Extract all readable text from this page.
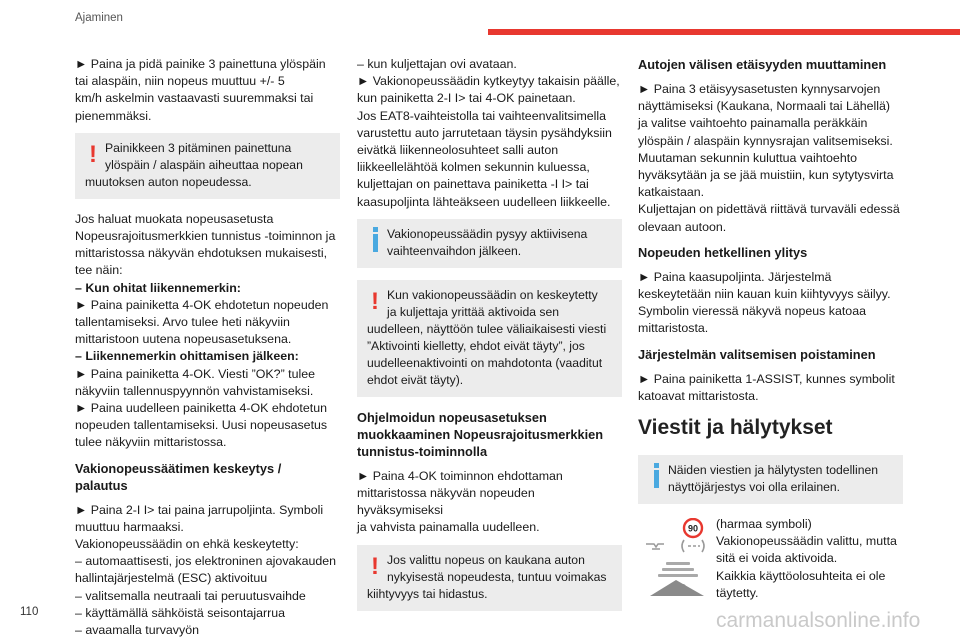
Ajaminen
► Paina ja pidä painike 3 painettuna ylöspäin
tai alaspäin, niin nopeus muuttuu +/- 5
km/h askelmin vastaavasti suuremmaksi tai
pienemmäksi.
! Painikkeen 3 pitäminen painettuna
ylöspäin / alaspäin aiheuttaa nopean
muutoksen auton nopeudessa.
Jos haluat muokata nopeusasetusta
Nopeusrajoitusmerkkien tunnistus -toiminnon ja
mittaristossa näkyvän ehdotuksen mukaisesti,
tee näin:
– Kun ohitat liikennemerkin:
► Paina painiketta 4-OK ehdotetun nopeuden
tallentamiseksi. Arvo tulee heti näkyviin
mittaristoon uutena nopeusasetuksena.
– Liikennemerkin ohittamisen jälkeen:
► Paina painiketta 4-OK. Viesti ”OK?” tulee
näkyviin tallennuspyynnön vahvistamiseksi.
► Paina uudelleen painiketta 4-OK ehdotetun
nopeuden tallentamiseksi. Uusi nopeusasetus
tulee näkyviin mittaristossa.
Vakionopeussäätimen keskeytys /
palautus
► Paina 2-I I> tai paina jarrupoljinta. Symboli
muuttuu harmaaksi.
Vakionopeussäädin on ehkä keskeytetty:
– automaattisesti, jos elektroninen ajovakauden
hallintajärjestelmä (ESC) aktivoituu
– valitsemalla neutraali tai peruutusvaihde
– käyttämällä sähköistä seisontajarrua
– avaamalla turvavyön
– kun kuljettajan ovi avataan.
► Vakionopeussäädin kytkeytyy takaisin päälle,
kun painiketta 2-I I> tai 4-OK painetaan.
Jos EAT8-vaihteistolla tai vaihteenvalitsimella
varustettu auto jarrutetaan täysin pysähdyksiin
eivätkä liikenneolosuhteet salli auton
liikkeellelähtöä kolmen sekunnin kuluessa,
kuljettajan on painettava painiketta -I I> tai
kaasupoljinta lähteäkseen uudelleen liikkeelle.
Vakionopeussäädin pysyy aktiivisena
vaihteenvaihdon jälkeen.
! Kun vakionopeussäädin on keskeytetty
ja kuljettaja yrittää aktivoida sen
uudelleen, näyttöön tulee väliaikaisesti viesti
”Aktivointi kielletty, ehdot eivät täyty”, jos
uudelleenaktivointi on mahdotonta (vaaditut
ehdot eivät täyty).
Ohjelmoidun nopeusasetuksen
muokkaaminen Nopeusrajoitusmerkkien
tunnistus-toiminnolla
► Paina 4-OK toiminnon ehdottaman
mittaristossa näkyvän nopeuden hyväksymiseksi
ja vahvista painamalla uudelleen.
! Jos valittu nopeus on kaukana auton
nykyisestä nopeudesta, tuntuu voimakas
kiihtyvyys tai hidastus.
Autojen välisen etäisyyden muuttaminen
► Paina 3 etäisyysasetusten kynnysarvojen
näyttämiseksi (Kaukana, Normaali tai Lähellä)
ja valitse vaihtoehto painamalla peräkkäin
ylöspäin / alaspäin kynnysrajan valitsemiseksi.
Muutaman sekunnin kuluttua vaihtoehto
hyväksytään ja se jää muistiin, kun sytytysvirta
katkaistaan.
Kuljettajan on pidettävä riittävä turvaväli edessä
olevaan autoon.
Nopeuden hetkellinen ylitys
► Paina kaasupoljinta. Järjestelmä
keskeytetään niin kauan kuin kiihtyvyys säilyy.
Symbolin vieressä näkyvä nopeus katoaa
mittaristosta.
Järjestelmän valitsemisen poistaminen
► Paina painiketta 1-ASSIST, kunnes symbolit
katoavat mittaristosta.
Viestit ja hälytykset
Näiden viestien ja hälytysten todellinen
näyttöjärjestys voi olla erilainen.
90 (harmaa symboli)
Vakionopeussäädin valittu, mutta
sitä ei voida aktivoida.
Kaikkia käyttöolosuhteita ei ole
täytetty.
110	carmanualsonline.info
